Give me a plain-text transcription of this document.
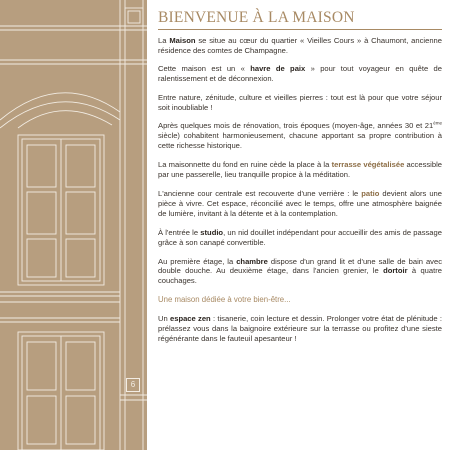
6
BIENVENUE À LA MAISON

La Maison se situe au cœur du quartier « Vieilles Cours » à Chaumont, ancienne résidence des comtes de Champagne.

Cette maison est un « havre de paix » pour tout voyageur en quête de ralentissement et de déconnexion.

Entre nature, zénitude, culture et vieilles pierres : tout est là pour que votre séjour soit inoubliable !

Après quelques mois de rénovation, trois époques (moyen-âge, années 30 et 21ème siècle) cohabitent harmonieusement, chacune apportant sa propre contribution à cette richesse historique.

La maisonnette du fond en ruine cède la place à la terrasse végétalisée accessible par une passerelle, lieu tranquille propice à la méditation.

L'ancienne cour centrale est recouverte d'une verrière : le patio devient alors une pièce à vivre. Cet espace, réconcilié avec le temps, offre une atmosphère baignée de lumière, invitant à la détente et à la contemplation.

À l'entrée le studio, un nid douillet indépendant pour accueillir des amis de passage grâce à son canapé convertible.

Au première étage, la chambre dispose d'un grand lit et d'une salle de bain avec double douche. Au deuxième étage, dans l'ancien grenier, le dortoir à quatre couchages.

Une maison dédiée à votre bien-être...

Un espace zen : tisanerie, coin lecture et dessin. Prolonger votre état de plénitude : prélassez vous dans la baignoire extérieure sur la terrasse ou profitez d'une sieste régénérante dans le fauteuil apesanteur !
